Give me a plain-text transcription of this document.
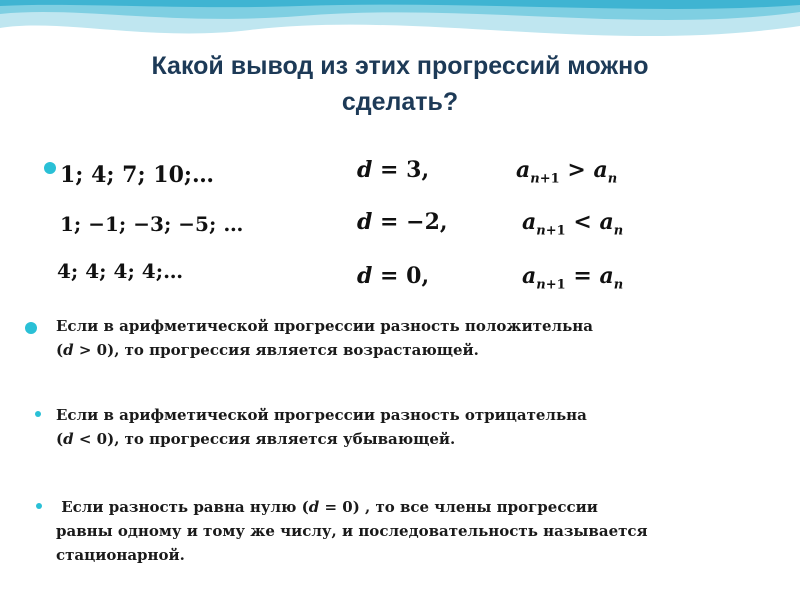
Какой вывод из этих прогрессий можно
сделать?
1; 4; 7; 10;…
1; −1; −3; −5; …
4; 4; 4; 4;…
d = 3,
d = −2,
d = 0,
$a_{n+1} > a_n$
$a_{n+1} < a_n$
$a_{n+1} = a_n$
Если в арифметической прогрессии разность положительна
(d > 0), то прогрессия является возрастающей.
Если в арифметической прогрессии разность отрицательна
(d < 0), то прогрессия является убывающей.
Если разность равна нулю (d = 0) , то все члены прогрессии
равны одному и тому же числу, и последовательность называется
стационарной.
